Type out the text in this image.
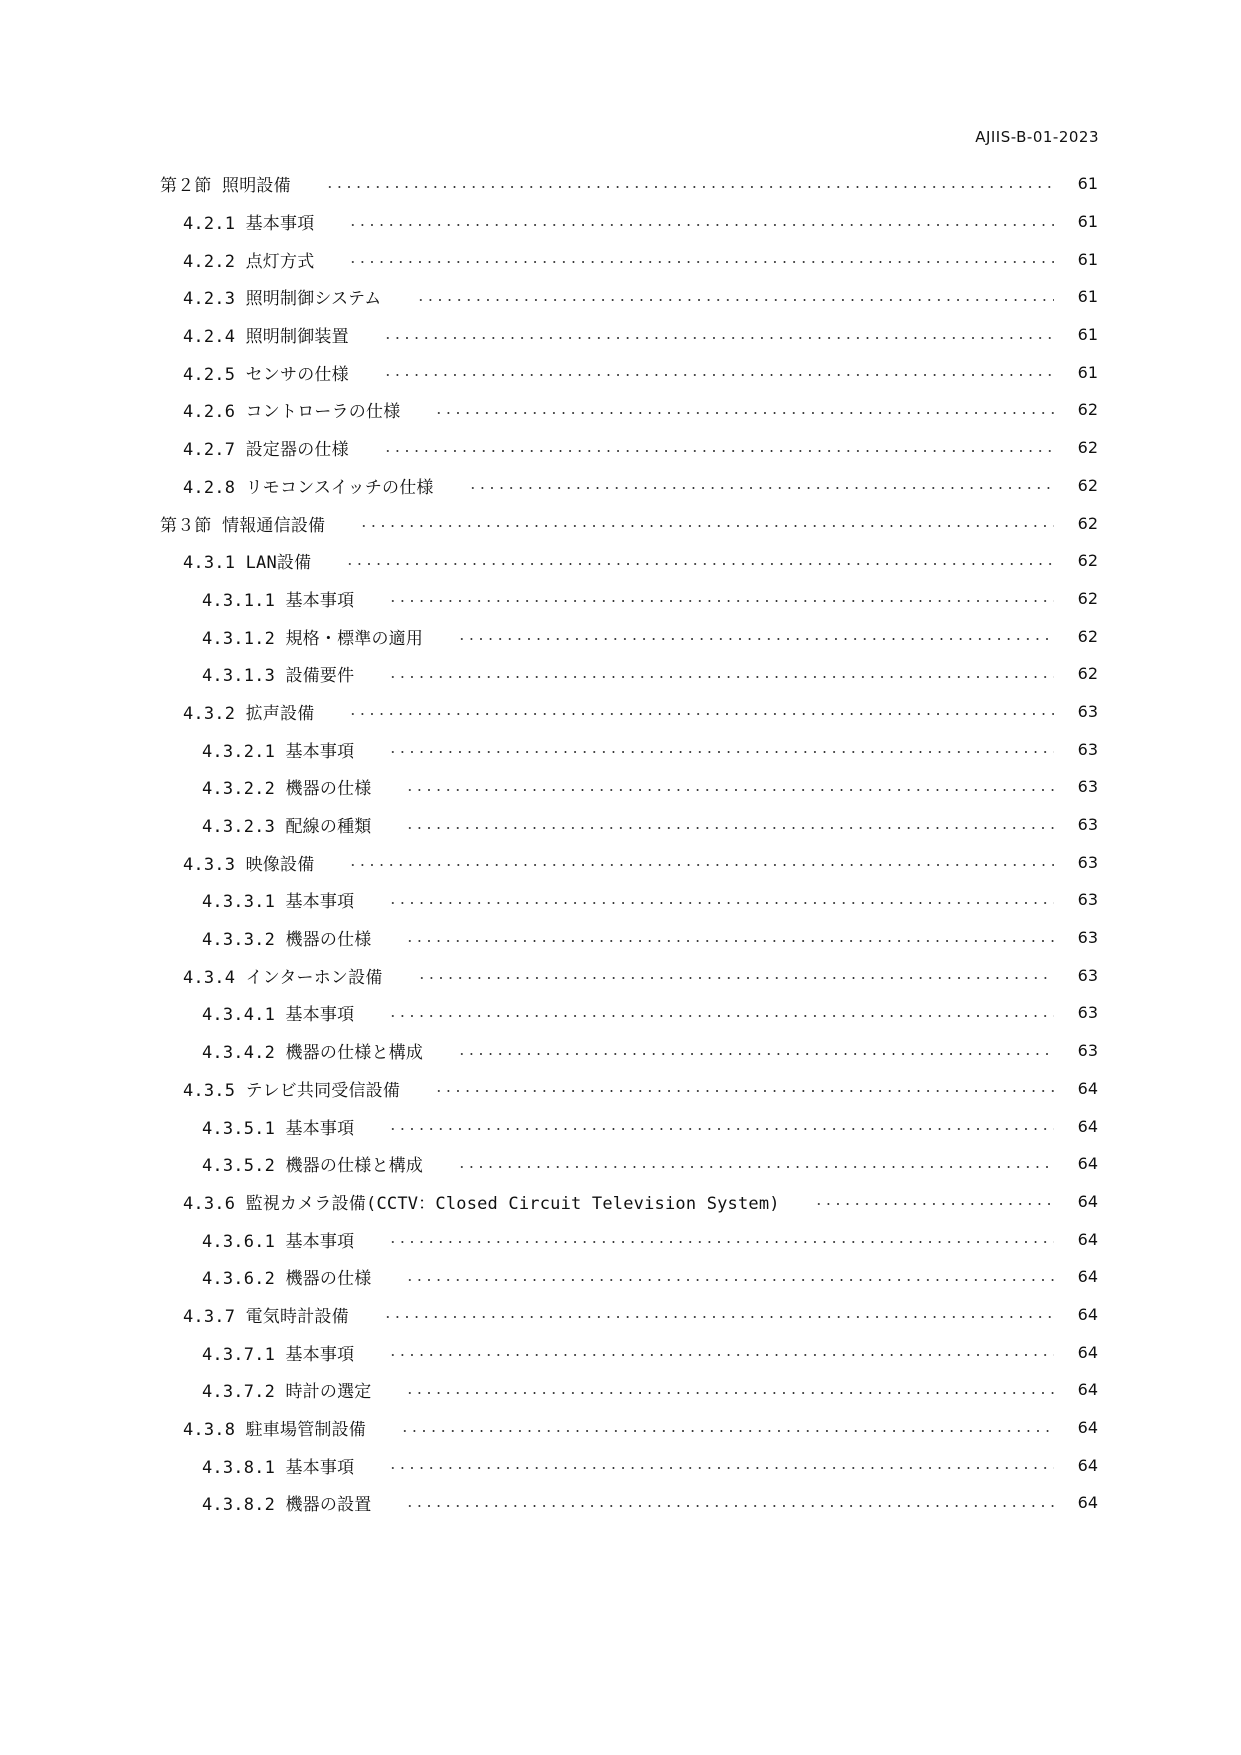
AJIIS-B-01-2023
第２節 照明設備	61
4.2.1 基本事項	61
4.2.2 点灯方式	61
4.2.3 照明制御システム	61
4.2.4 照明制御装置	61
4.2.5 センサの仕様	61
4.2.6 コントローラの仕様	62
4.2.7 設定器の仕様	62
4.2.8 リモコンスイッチの仕様	62
第３節 情報通信設備	62
4.3.1 LAN設備	62
4.3.1.1 基本事項	62
4.3.1.2 規格・標準の適用	62
4.3.1.3 設備要件	62
4.3.2 拡声設備	63
4.3.2.1 基本事項	63
4.3.2.2 機器の仕様	63
4.3.2.3 配線の種類	63
4.3.3 映像設備	63
4.3.3.1 基本事項	63
4.3.3.2 機器の仕様	63
4.3.4 インターホン設備	63
4.3.4.1 基本事項	63
4.3.4.2 機器の仕様と構成	63
4.3.5 テレビ共同受信設備	64
4.3.5.1 基本事項	64
4.3.5.2 機器の仕様と構成	64
4.3.6 監視カメラ設備(CCTV：Closed Circuit Television System)	64
4.3.6.1 基本事項	64
4.3.6.2 機器の仕様	64
4.3.7 電気時計設備	64
4.3.7.1 基本事項	64
4.3.7.2 時計の選定	64
4.3.8 駐車場管制設備	64
4.3.8.1 基本事項	64
4.3.8.2 機器の設置	64
